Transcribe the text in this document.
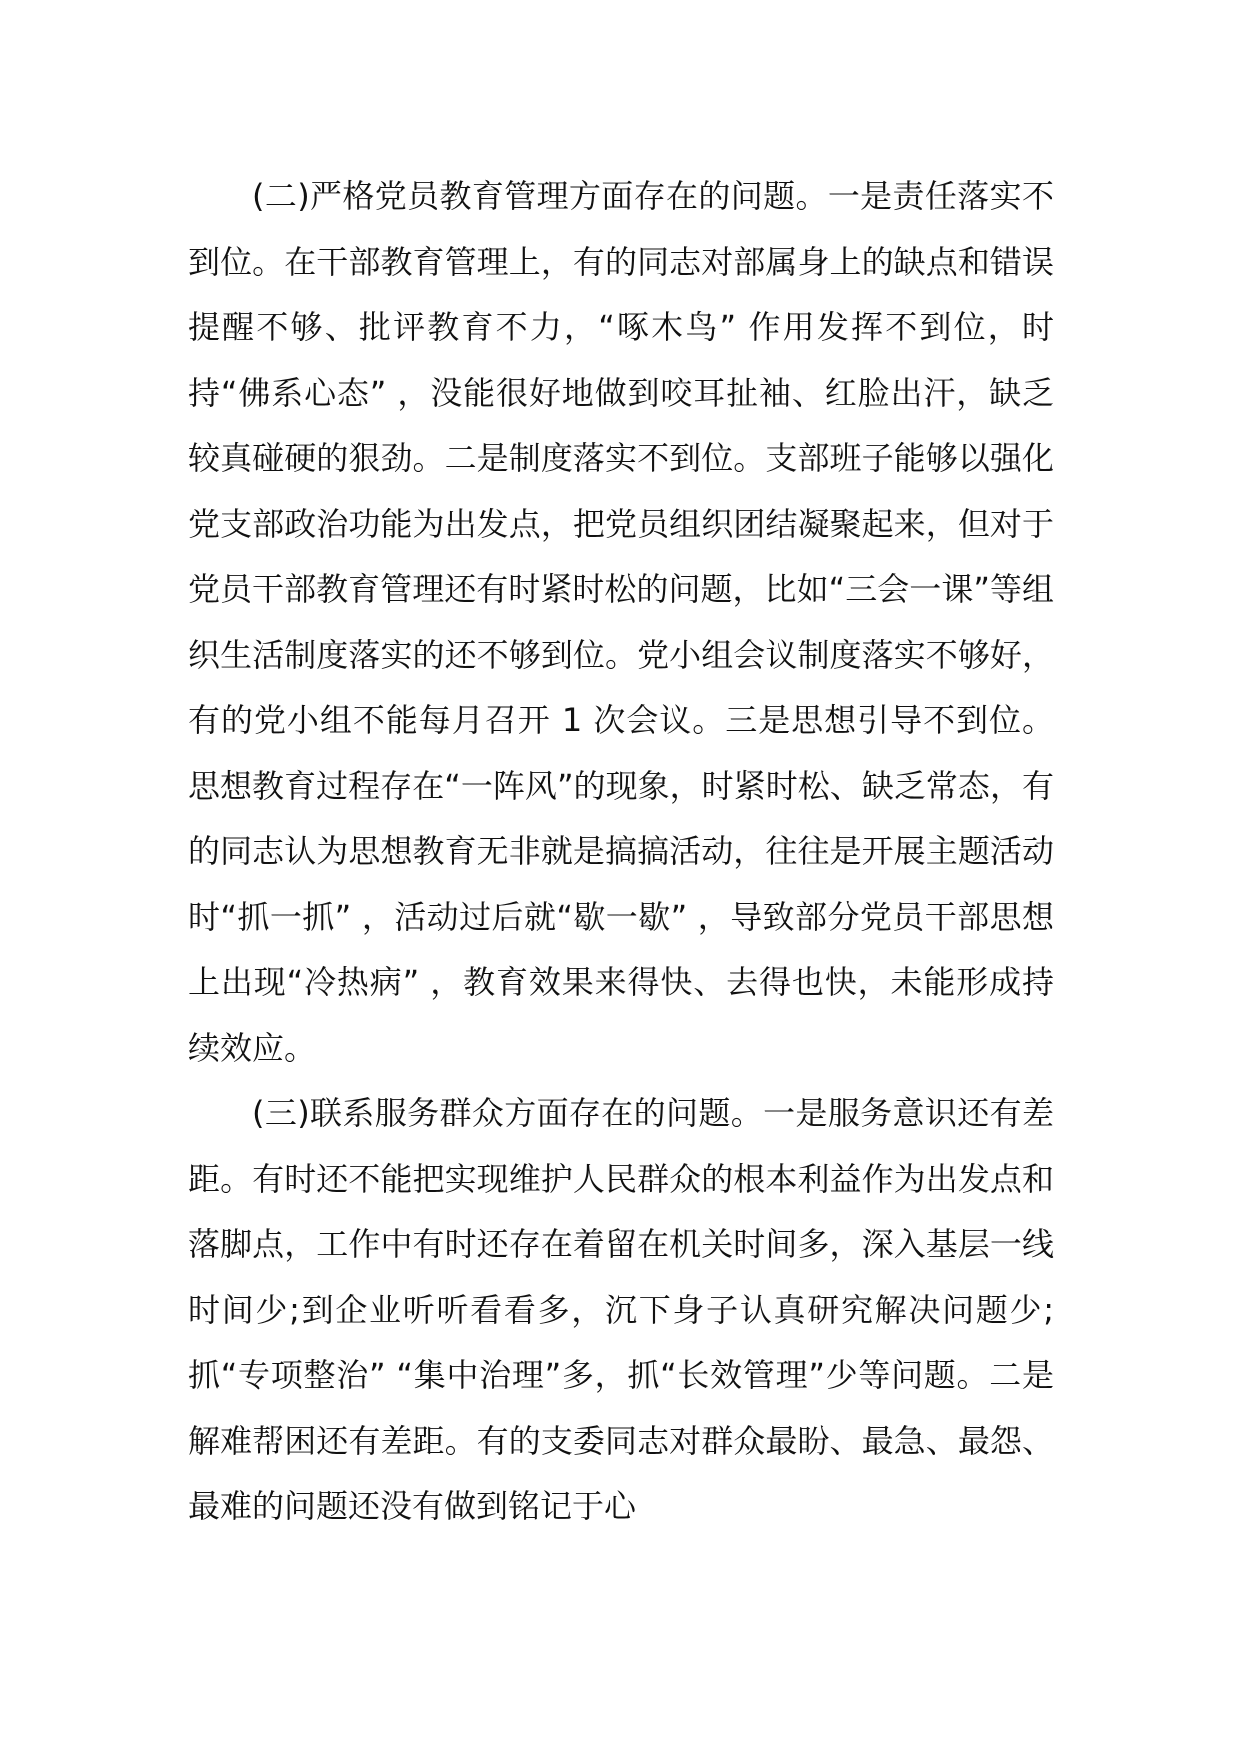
(二)严格党员教育管理方面存在的问题。一是责任落实不到位。在干部教育管理上，有的同志对部属身上的缺点和错误提醒不够、批评教育不力，“啄木鸟” 作用发挥不到位，时持“佛系心态” ，没能很好地做到咬耳扯袖、红脸出汗，缺乏较真碰硬的狠劲。二是制度落实不到位。支部班子能够以强化党支部政治功能为出发点，把党员组织团结凝聚起来，但对于党员干部教育管理还有时紧时松的问题，比如“三会一课”等组织生活制度落实的还不够到位。党小组会议制度落实不够好，有的党小组不能每月召开 1 次会议。三是思想引导不到位。思想教育过程存在“一阵风”的现象，时紧时松、缺乏常态，有的同志认为思想教育无非就是搞搞活动，往往是开展主题活动时“抓一抓” ，活动过后就“歇一歇” ，导致部分党员干部思想上出现“冷热病” ，教育效果来得快、去得也快，未能形成持续效应。

(三)联系服务群众方面存在的问题。一是服务意识还有差距。有时还不能把实现维护人民群众的根本利益作为出发点和落脚点，工作中有时还存在着留在机关时间多，深入基层一线时间少;到企业听听看看多，沉下身子认真研究解决问题少;抓“专项整治” “集中治理”多，抓“长效管理”少等问题。二是解难帮困还有差距。有的支委同志对群众最盼、最急、最怨、最难的问题还没有做到铭记于心
